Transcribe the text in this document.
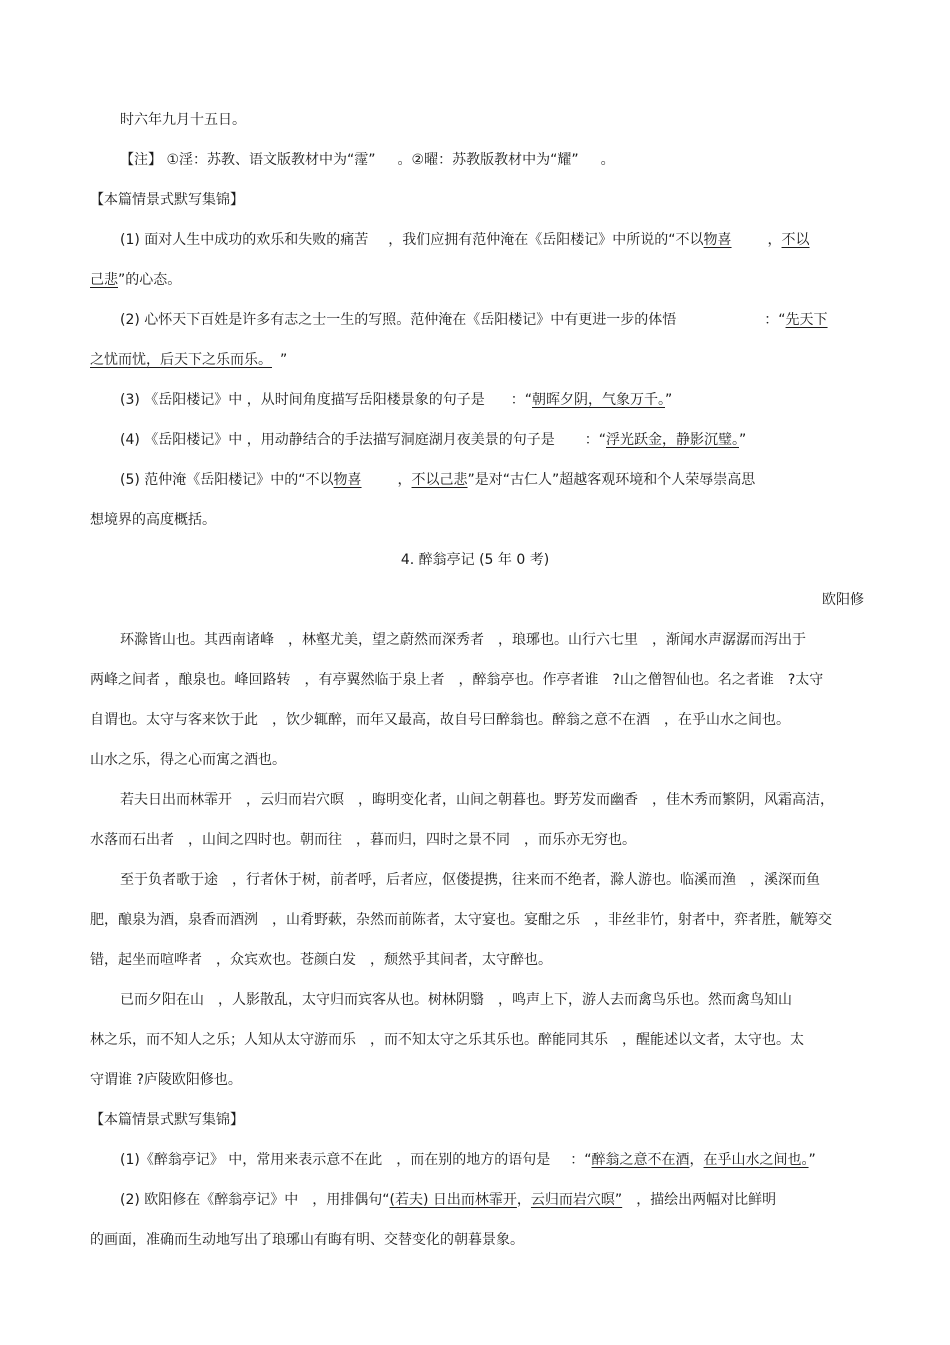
时六年九月十五日。
【注】 ①淫：苏教、语文版教材中为“霪” 。②曜：苏教版教材中为“耀” 。
【本篇情景式默写集锦】
(1) 面对人生中成功的欢乐和失败的痛苦 ，我们应拥有范仲淹在《岳阳楼记》中所说的“不以物喜	，不以
己悲”的心态。
(2) 心怀天下百姓是许多有志之士一生的写照。范仲淹在《岳阳楼记》中有更进一步的体悟	：“先天下
之忧而忧，后天下之乐而乐。 ”
(3) 《岳阳楼记》中 ，从时间角度描写岳阳楼景象的句子是 ：“朝晖夕阴，气象万千。”
(4) 《岳阳楼记》中 ，用动静结合的手法描写洞庭湖月夜美景的句子是 ：“浮光跃金，静影沉璧。”
(5) 范仲淹《岳阳楼记》中的“不以物喜	，不以己悲”是对“古仁人”超越客观环境和个人荣辱崇高思
想境界的高度概括。
4. 醉翁亭记 (5 年 0 考)
欧阳修
环滁皆山也。其西南诸峰　，林壑尤美，望之蔚然而深秀者　，琅琊也。山行六七里　，渐闻水声潺潺而泻出于
两峰之间者 ，酿泉也。峰回路转　，有亭翼然临于泉上者　，醉翁亭也。作亭者谁　?山之僧智仙也。名之者谁　?太守
自谓也。太守与客来饮于此　，饮少辄醉，而年又最高，故自号曰醉翁也。醉翁之意不在酒　，在乎山水之间也。
山水之乐，得之心而寓之酒也。
若夫日出而林霏开　，云归而岩穴暝　，晦明变化者，山间之朝暮也。野芳发而幽香　，佳木秀而繁阴，风霜高洁，
水落而石出者　，山间之四时也。朝而往　，暮而归，四时之景不同　，而乐亦无穷也。
至于负者歌于途　，行者休于树，前者呼，后者应，伛偻提携，往来而不绝者，滁人游也。临溪而渔　，溪深而鱼
肥，酿泉为酒，泉香而酒洌　，山肴野蔌，杂然而前陈者，太守宴也。宴酣之乐　，非丝非竹，射者中，弈者胜，觥筹交
错，起坐而喧哗者　，众宾欢也。苍颜白发　，颓然乎其间者，太守醉也。
已而夕阳在山　，人影散乱，太守归而宾客从也。树林阴翳　，鸣声上下，游人去而禽鸟乐也。然而禽鸟知山
林之乐，而不知人之乐；人知从太守游而乐　，而不知太守之乐其乐也。醉能同其乐　，醒能述以文者，太守也。太
守谓谁 ?庐陵欧阳修也。
【本篇情景式默写集锦】
(1)《醉翁亭记》 中，常用来表示意不在此　，而在别的地方的语句是 ：“醉翁之意不在酒，在乎山水之间也。”
(2) 欧阳修在《醉翁亭记》中　，用排偶句“(若夫) 日出而林霏开，云归而岩穴暝” ，描绘出两幅对比鲜明
的画面，准确而生动地写出了琅琊山有晦有明、交替变化的朝暮景象。
